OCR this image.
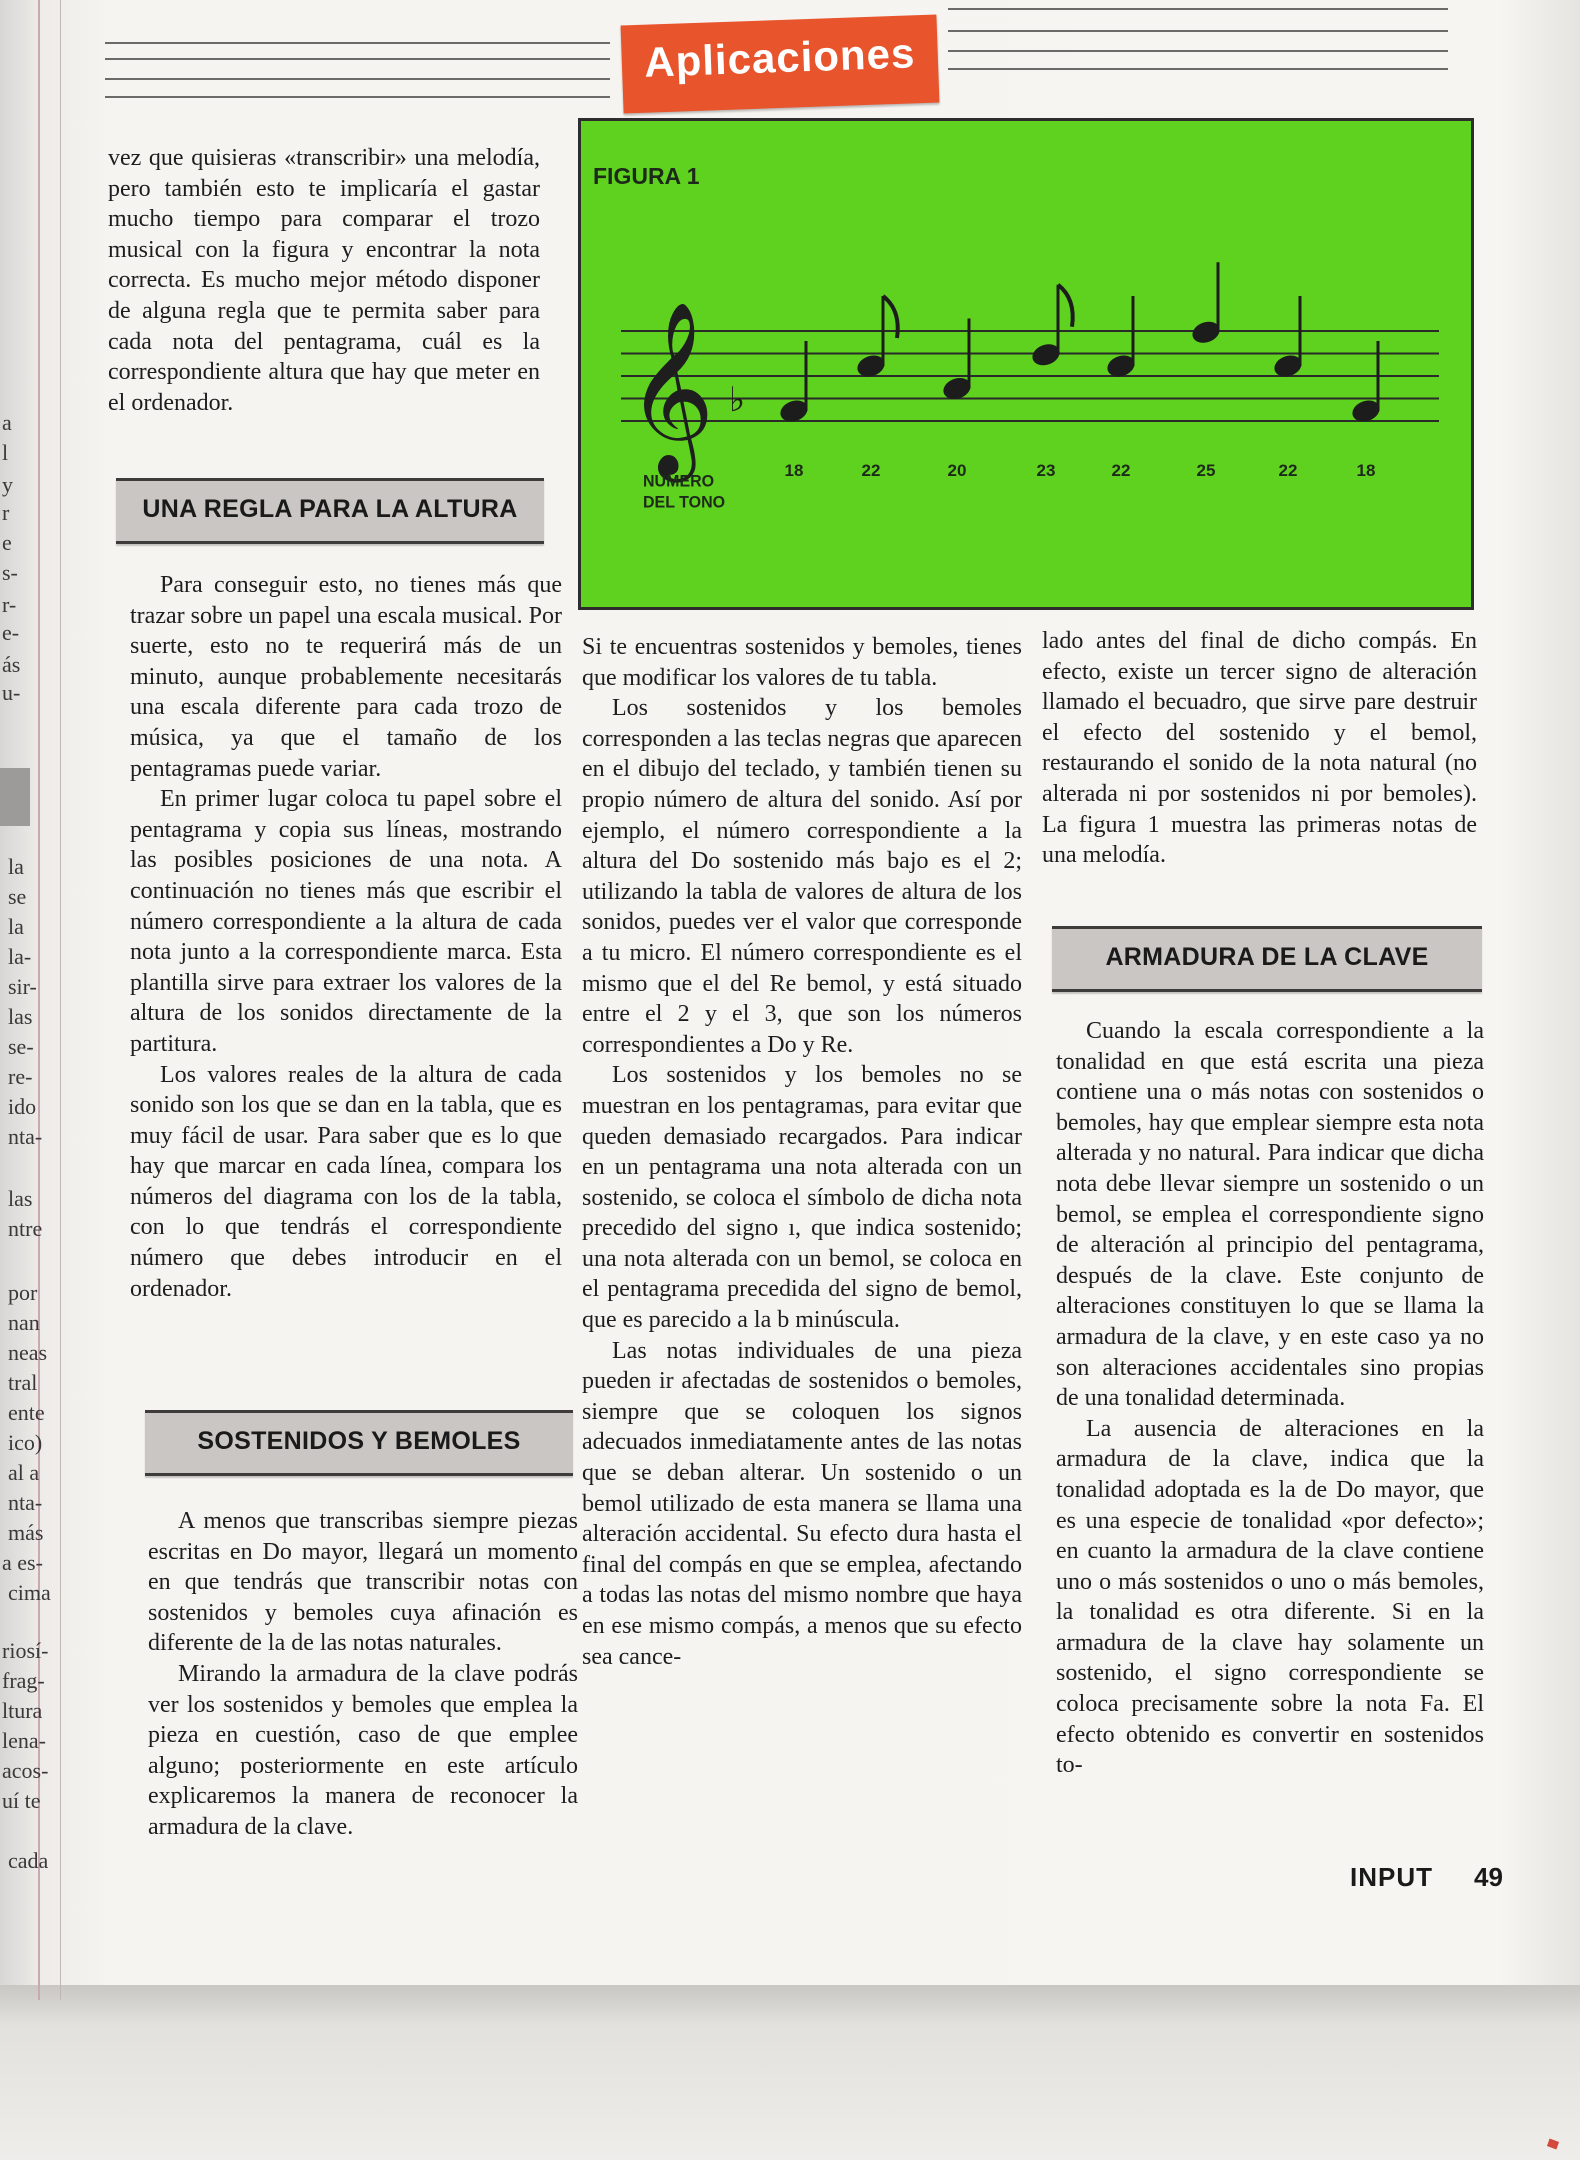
Aplicaciones
a
l
y
r
e
s-
r-
e-
ás
u-
la
se
la
la-
sir-
las
se-
re-
ido
nta-
las
ntre
por
nan
neas
tral
ente
ico)
al a
nta-
más
a es-
cima
riosí-
frag-
ltura
lena-
acos-
uí te
cada

vez que quisieras «transcribir» una melodía, pero también esto te implicaría el gastar mucho tiempo para comparar el trozo musical con la figura y encontrar la nota correcta. Es mucho mejor método disponer de alguna regla que te permita saber para cada nota del pentagrama, cuál es la correspondiente altura que hay que meter en el ordenador.

UNA REGLA PARA LA ALTURA

Para conseguir esto, no tienes más que trazar sobre un papel una escala musical. Por suerte, esto no te requerirá más de un minuto, aunque probablemente necesitarás una escala diferente para cada trozo de música, ya que el tamaño de los pentagramas puede variar.

En primer lugar coloca tu papel sobre el pentagrama y copia sus líneas, mostrando las posibles posiciones de una nota. A continuación no tienes más que escribir el número correspondiente a la altura de cada nota junto a la correspondiente marca. Esta plantilla sirve para extraer los valores de la altura de los sonidos directamente de la partitura.

Los valores reales de la altura de cada sonido son los que se dan en la tabla, que es muy fácil de usar. Para saber que es lo que hay que marcar en cada línea, compara los números del diagrama con los de la tabla, con lo que tendrás el correspondiente número que debes introducir en el ordenador.

SOSTENIDOS Y BEMOLES

A menos que transcribas siempre piezas escritas en Do mayor, llegará un momento en que tendrás que transcribir notas con sostenidos y bemoles cuya afinación es diferente de la de las notas naturales.

Mirando la armadura de la clave podrás ver los sostenidos y bemoles que emplea la pieza en cuestión, caso de que emplee alguno; posteriormente en este artículo explicaremos la manera de reconocer la armadura de la clave.

FIGURA 1
𝄞 ♭
NUMERO
DEL TONO
18	22	20	23	22	25	22	18

Si te encuentras sostenidos y bemoles, tienes que modificar los valores de tu tabla.

Los sostenidos y los bemoles corresponden a las teclas negras que aparecen en el dibujo del teclado, y también tienen su propio número de altura del sonido. Así por ejemplo, el número correspondiente a la altura del Do sostenido más bajo es el 2; utilizando la tabla de valores de altura de los sonidos, puedes ver el valor que corresponde a tu micro. El número correspondiente es el mismo que el del Re bemol, y está situado entre el 2 y el 3, que son los números correspondientes a Do y Re.

Los sostenidos y los bemoles no se muestran en los pentagramas, para evitar que queden demasiado recargados. Para indicar en un pentagrama una nota alterada con un sostenido, se coloca el símbolo de dicha nota precedido del signo ı, que indica sostenido; una nota alterada con un bemol, se coloca en el pentagrama precedida del signo de bemol, que es parecido a la b minúscula.

Las notas individuales de una pieza pueden ir afectadas de sostenidos o bemoles, siempre que se coloquen los signos adecuados inmediatamente antes de las notas que se deban alterar. Un sostenido o un bemol utilizado de esta manera se llama una alteración accidental. Su efecto dura hasta el final del compás en que se emplea, afectando a todas las notas del mismo nombre que haya en ese mismo compás, a menos que su efecto sea cance-

lado antes del final de dicho compás. En efecto, existe un tercer signo de alteración llamado el becuadro, que sirve pare destruir el efecto del sostenido y el bemol, restaurando el sonido de la nota natural (no alterada ni por sostenidos ni por bemoles). La figura 1 muestra las primeras notas de una melodía.

ARMADURA DE LA CLAVE

Cuando la escala correspondiente a la tonalidad en que está escrita una pieza contiene una o más notas con sostenidos o bemoles, hay que emplear siempre esta nota alterada y no natural. Para indicar que dicha nota debe llevar siempre un sostenido o un bemol, se emplea el correspondiente signo de alteración al principio del pentagrama, después de la clave. Este conjunto de alteraciones constituyen lo que se llama la armadura de la clave, y en este caso ya no son alteraciones accidentales sino propias de una tonalidad determinada.

La ausencia de alteraciones en la armadura de la clave, indica que la tonalidad adoptada es la de Do mayor, que es una especie de tonalidad «por defecto»; en cuanto la armadura de la clave contiene uno o más sostenidos o uno o más bemoles, la tonalidad es otra diferente. Si en la armadura de la clave hay solamente un sostenido, el signo correspondiente se coloca precisamente sobre la nota Fa. El efecto obtenido es convertir en sostenidos to-

INPUT 49
